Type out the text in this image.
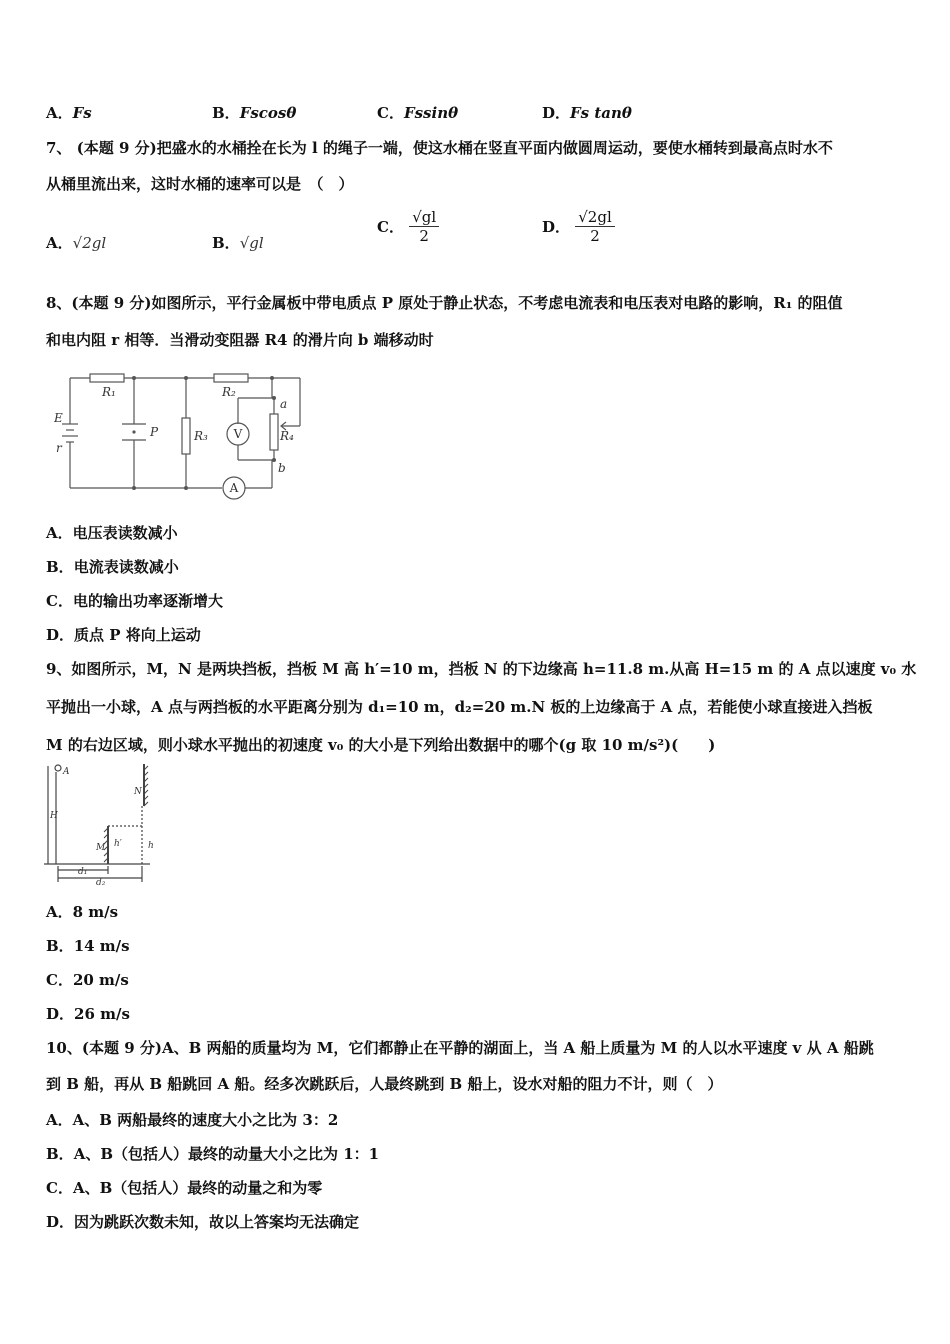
A．Fs	B．Fscosθ	C．Fssinθ	D．Fs tanθ
7、 (本题 9 分)把盛水的水桶拴在长为 l 的绳子一端，使这水桶在竖直平面内做圆周运动，要使水桶转到最高点时水不
从桶里流出来，这时水桶的速率可以是　（　）
A．√2gl	B．√gl
C． $\frac{√gl}{2}$	D． $\frac{√2gl}{2}$
8、(本题 9 分)如图所示，平行金属板中带电质点 P 原处于静止状态，不考虑电流表和电压表对电路的影响，R₁ 的阻值
和电内阻 r 相等．当滑动变阻器 R4 的滑片向 b 端移动时
E
r
P
R₁	R₂
R₃	R₄
a
b
V
A
A．电压表读数减小
B．电流表读数减小
C．电的输出功率逐渐增大
D．质点 P 将向上运动
9、如图所示，M，N 是两块挡板，挡板 M 高 h′=10 m，挡板 N 的下边缘高 h=11.8 m.从高 H=15 m 的 A 点以速度 v₀ 水
平抛出一小球，A 点与两挡板的水平距离分别为 d₁=10 m，d₂=20 m.N 板的上边缘高于 A 点，若能使小球直接进入挡板
M 的右边区域，则小球水平抛出的初速度 v₀ 的大小是下列给出数据中的哪个(g 取 10 m/s²)(　　)
A
H
N
M h′	h
d₁
d₂
A．8 m/s
B．14 m/s
C．20 m/s
D．26 m/s
10、(本题 9 分)A、B 两船的质量均为 M，它们都静止在平静的湖面上，当 A 船上质量为 M 的人以水平速度 v 从 A 船跳
到 B 船，再从 B 船跳回 A 船。经多次跳跃后，人最终跳到 B 船上，设水对船的阻力不计，则（　）
A．A、B 两船最终的速度大小之比为 3：2
B．A、B（包括人）最终的动量大小之比为 1：1
C．A、B（包括人）最终的动量之和为零
D．因为跳跃次数未知，故以上答案均无法确定
